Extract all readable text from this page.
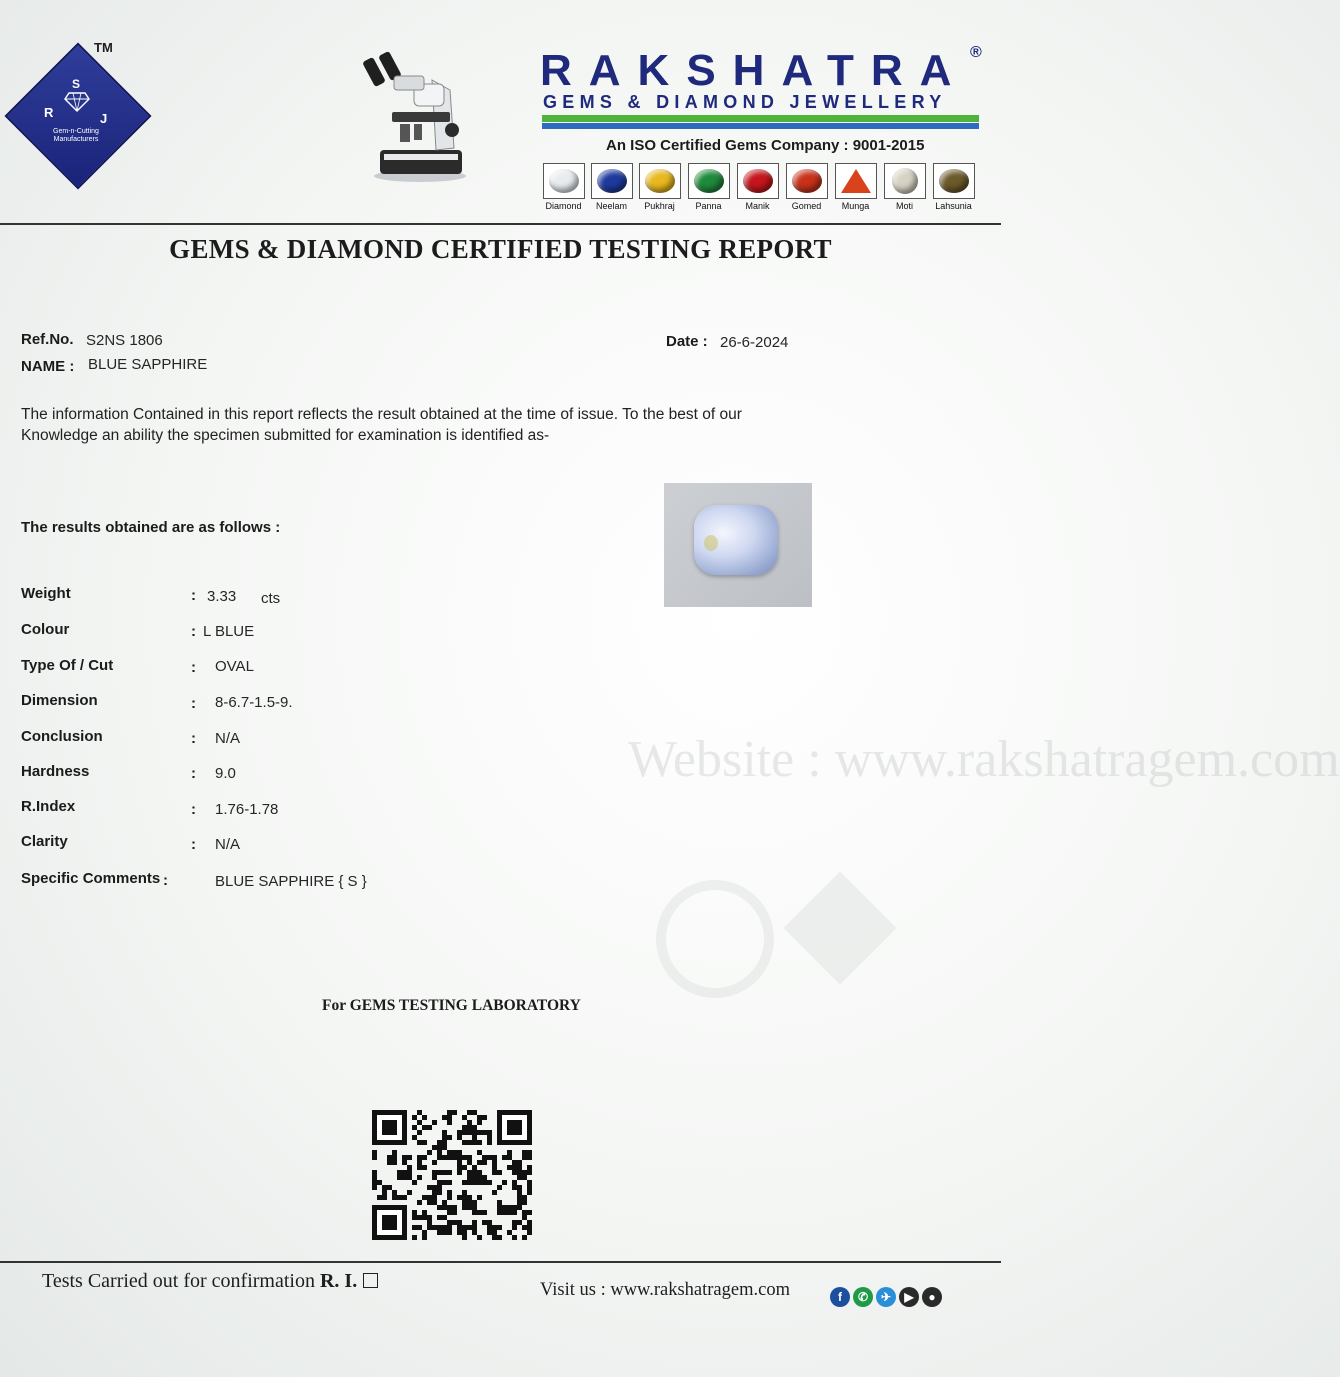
TM
S
R	J
Gem-n-Cutting Manufacturers
RAKSHATRA ®
GEMS & DIAMOND JEWELLERY
An ISO Certified Gems Company : 9001-2015
Diamond	Neelam	Pukhraj	Panna	Manik	Gomed	Munga	Moti	Lahsunia
GEMS & DIAMOND CERTIFIED TESTING REPORT
Ref.No. S2NS 1806
NAME : BLUE SAPPHIRE
Date : 26-6-2024
The information Contained in this report reflects the result obtained at the time of issue. To the best of our
Knowledge an ability the specimen submitted for examination is identified as-
The results obtained are as follows :
Weight	: 3.33 cts
Colour	: L BLUE
Type Of / Cut	: OVAL
Dimension	: 8-6.7-1.5-9.
Conclusion	: N/A
Hardness	: 9.0
R.Index	: 1.76-1.78
Clarity	: N/A
Specific Comments :	BLUE SAPPHIRE { S }
Website : www.rakshatragem.com
For GEMS TESTING LABORATORY
Tests Carried out for confirmation R. I.	Visit us : www.rakshatragem.com	f	✆	✈	▶	●
